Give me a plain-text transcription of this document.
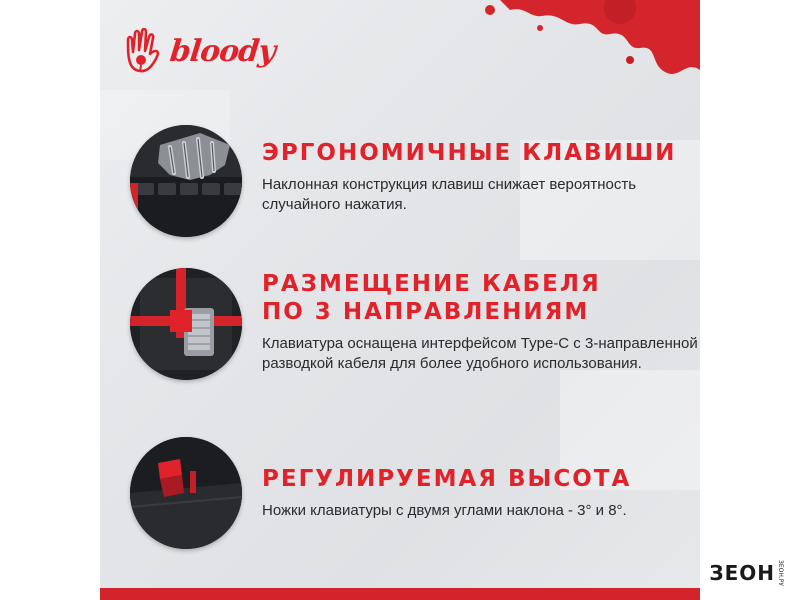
bloody
ЭРГОНОМИЧНЫЕ КЛАВИШИ

Наклонная конструкция клавиш снижает вероятность случайного нажатия.

РАЗМЕЩЕНИЕ КАБЕЛЯ
ПО 3 НАПРАВЛЕНИЯМ

Клавиатура оснащена интерфейсом Type-C с 3-направленной разводкой кабеля для более удобного использования.

РЕГУЛИРУЕМАЯ ВЫСОТА

Ножки клавиатуры с двумя углами наклона - 3° и 8°.

ЗЕОН ЗЕОН.РУ
